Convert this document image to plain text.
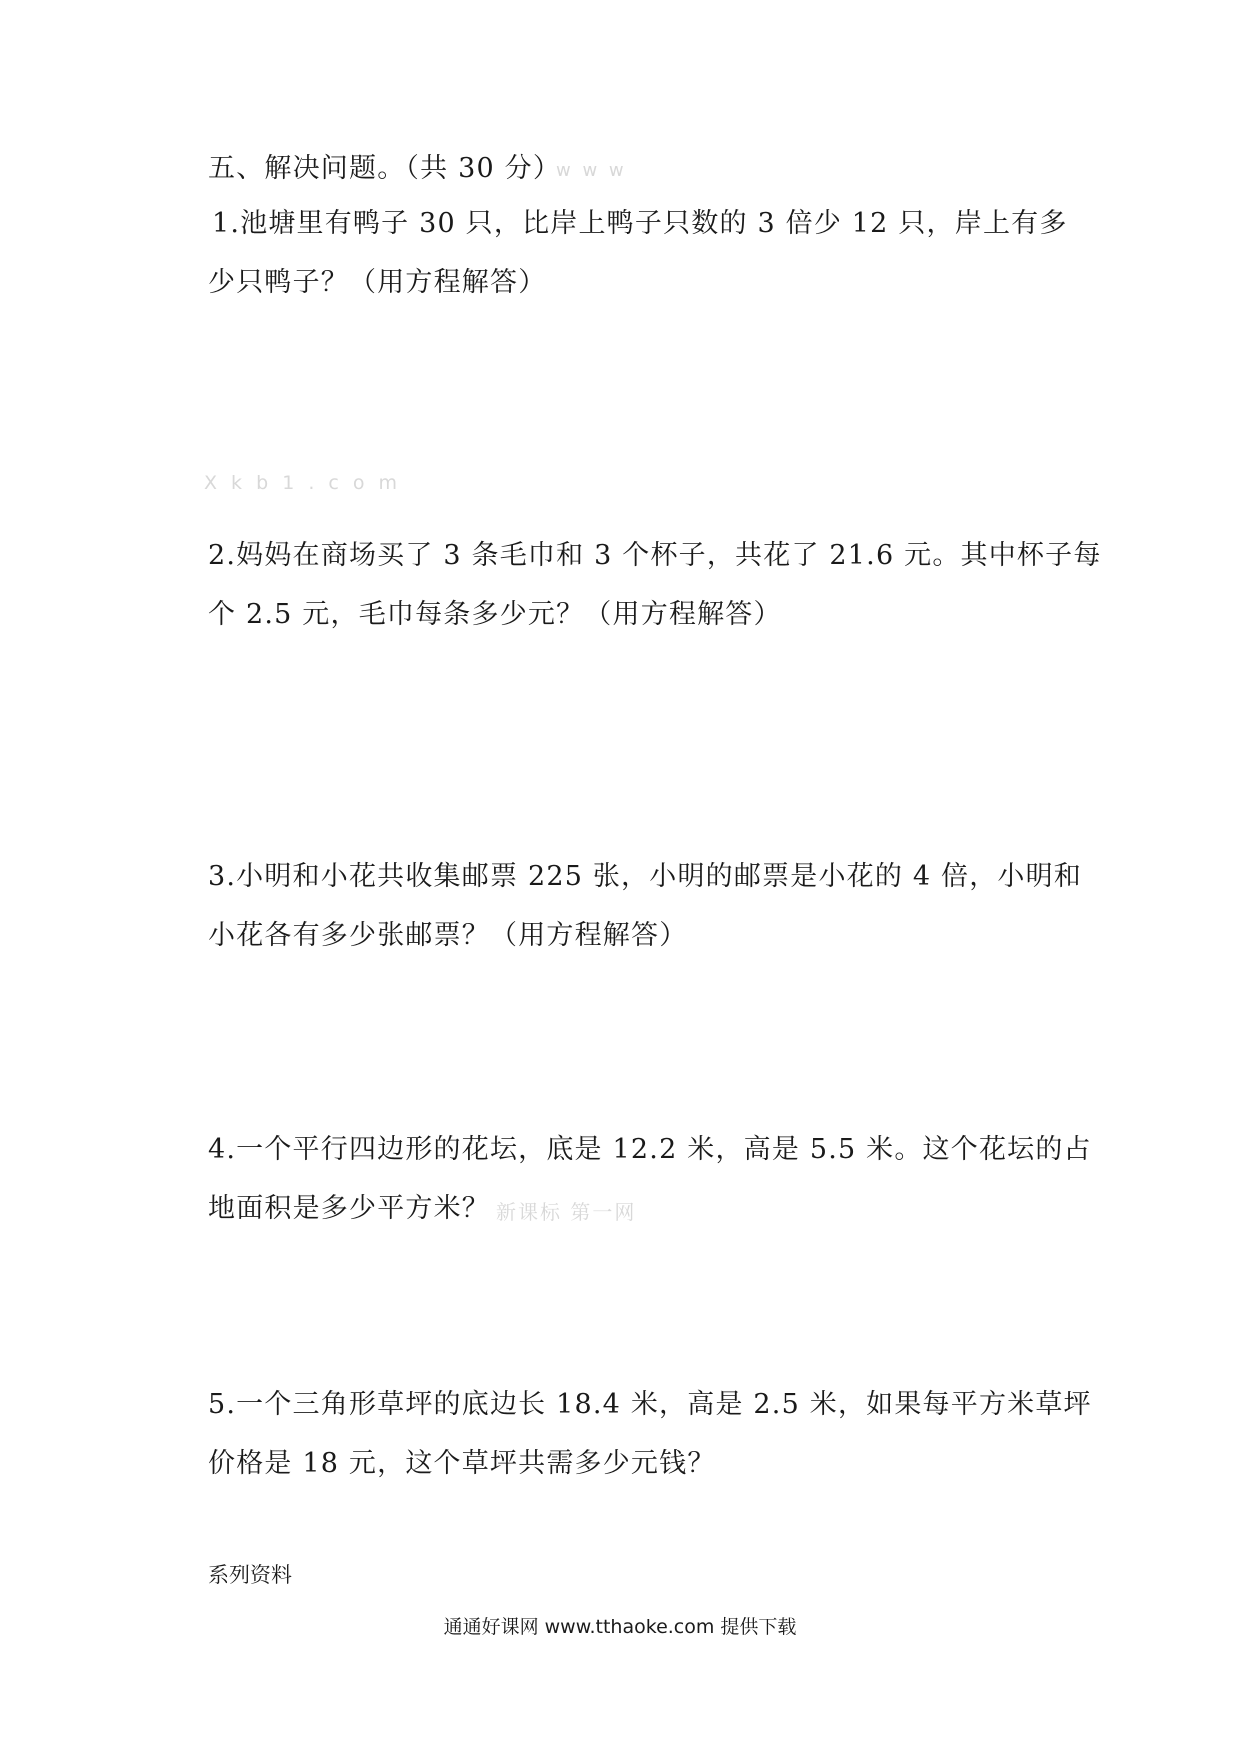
五、解决问题。（共 30 分）
w w w
1.池塘里有鸭子 30 只，比岸上鸭子只数的 3 倍少 12 只，岸上有多
少只鸭子？（用方程解答）
X k b 1 . c o m
2.妈妈在商场买了 3 条毛巾和 3 个杯子，共花了 21.6 元。其中杯子每
个 2.5 元，毛巾每条多少元？（用方程解答）
3.小明和小花共收集邮票 225 张，小明的邮票是小花的 4 倍，小明和
小花各有多少张邮票？（用方程解答）
4.一个平行四边形的花坛，底是 12.2 米，高是 5.5 米。这个花坛的占
地面积是多少平方米？ 新课标 第一网
5.一个三角形草坪的底边长 18.4 米，高是 2.5 米，如果每平方米草坪
价格是 18 元，这个草坪共需多少元钱？
系列资料
通通好课网 www.tthaoke.com 提供下载
